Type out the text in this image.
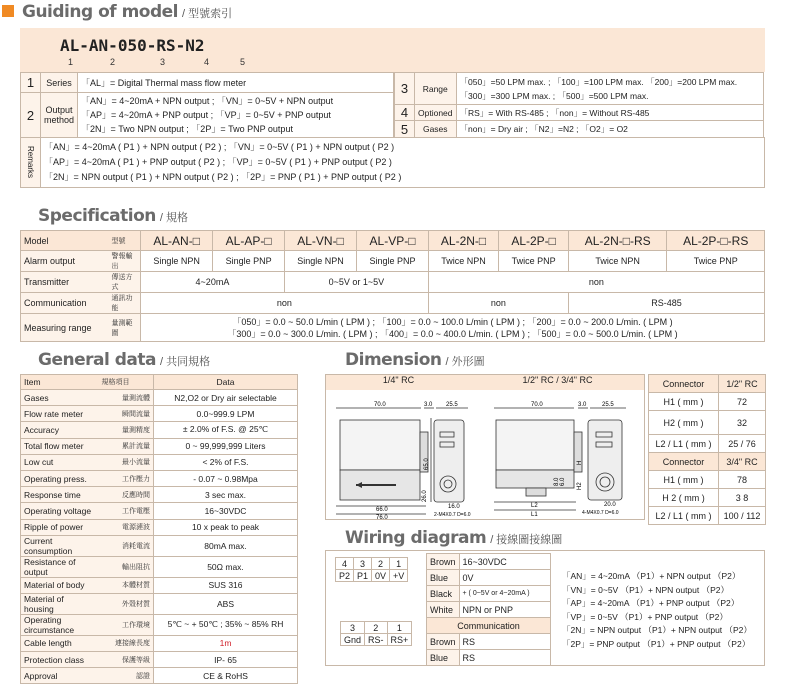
Guiding of model / 型號索引
AL-AN-050-RS-N2
1	2	3	4	5
1	Series	「AL」= Digital Thermal mass flow meter
2	Output method	「AN」= 4~20mA + NPN output ; 「VN」= 0~5V + NPN output
「AP」= 4~20mA + PNP output ; 「VP」= 0~5V + PNP output
「2N」= Two NPN output ; 「2P」= Two PNP output
3	Range	「050」=50 LPM max. ; 「100」=100 LPM max. 「200」=200 LPM max.
「300」=300 LPM max. ; 「500」=500 LPM max.

4	Optioned	「RS」= With RS-485 ; 「non」= Without RS-485
5	Gases	「non」= Dry air ; 「N2」=N2 ; 「O2」= O2
Remarks	「AN」= 4~20mA ( P1 ) + NPN output ( P2 ) ; 「VN」= 0~5V ( P1 ) + NPN output ( P2 )
「AP」= 4~20mA ( P1 ) + PNP output ( P2 ) ; 「VP」= 0~5V ( P1 ) + PNP output ( P2 )
「2N」= NPN output ( P1 ) + NPN output ( P2 ) ; 「2P」= PNP ( P1 ) + PNP output ( P2 )
Specification / 規格
Model	型號	AL-AN-□	AL-AP-□	AL-VN-□	AL-VP-□	AL-2N-□	AL-2P-□	AL-2N-□-RS	AL-2P-□-RS
Alarm output	警報輸出	Single NPN	Single PNP	Single NPN	Single PNP	Twice NPN	Twice PNP	Twice NPN	Twice PNP
Transmitter	傳送方式	4~20mA		0~5V or 1~5V		non			
Communication	通訊功能	non				non		RS-485	
Measuring range	量測範圍	「050」= 0.0 ~ 50.0 L/min ( LPM ) ; 「100」= 0.0 ~ 100.0 L/min ( LPM ) ; 「200」= 0.0 ~ 200.0 L/min. ( LPM )
「300」= 0.0 ~ 300.0 L/min. ( LPM ) ; 「400」= 0.0 ~ 400.0 L/min. ( LPM ) ; 「500」= 0.0 ~ 500.0 L/min. ( LPM )							
General data / 共同規格
Item	規格項目	Data
Gases	量測流體	N2,O2 or Dry air selectable
Flow rate meter	瞬間流量	0.0~999.9 LPM
Accuracy	量測精度	± 2.0% of F.S. @ 25℃
Total flow meter	累計流量	0 ~ 99,999,999 Liters
Low cut	最小流量	< 2% of F.S.
Operating press.	工作壓力	- 0.07 ~ 0.98Mpa
Response time	反應時間	3 sec max.
Operating voltage	工作電壓	16~30VDC
Ripple of power	電源漣波	10 x peak to peak
Current consumption	消耗電流	80mA max.
Resistance of output	輸出阻抗	50Ω max.
Material of body	本體材質	SUS 316
Material of housing	外殼材質	ABS
Operating circumstance	工作環境	5℃ ~ + 50℃ ; 35% ~ 85% RH
Cable length	連接線長度	1m
Protection class	保護等級	IP- 65
Approval	認證	CE & RoHS
Dimension / 外形圖
1/4" RC	1/2" RC / 3/4" RC
70.0	3.0 25.5
65.0
66.0
76.0
16.0
2-M4X0.7 D=6.0
26.0
70.0	3.0	25.5
H
H2
6.0
8.0
L2
L1
20.0
4-M4X0.7 D=6.0
Connector	1/2" RC
H1 ( mm )	72
H2 ( mm )	32
L2 / L1 ( mm )	25 / 76
Connector	3/4" RC
H1 ( mm )	78
H 2 ( mm )	3 8
L2 / L1 ( mm )	100 / 112
Wiring diagram / 接線圖接線圖
4	3	2	1
P2	P1	0V	+V
3	2	1
Gnd	RS-	RS+
Brown	16~30VDC
Blue	0V
Black	+ ( 0~5V or 4~20mA )
White	NPN or PNP
Communication	
Brown	RS
Blue	RS
「AN」= 4~20mA （P1）+ NPN output （P2）
「VN」= 0~5V （P1）+ NPN output （P2）
「AP」= 4~20mA （P1）+ PNP output （P2）
「VP」= 0~5V （P1）+ PNP output （P2）
「2N」= NPN output （P1）+ NPN output （P2）
「2P」= PNP output （P1）+ PNP output （P2）
